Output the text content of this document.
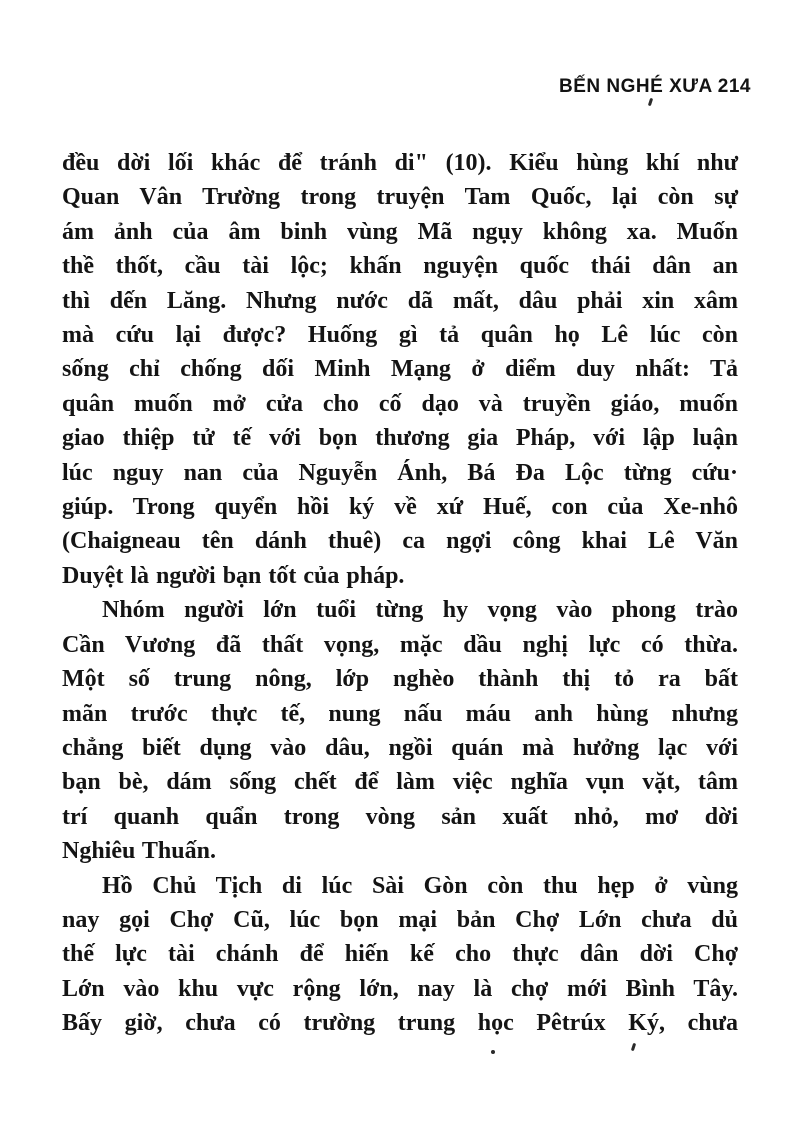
BẾN NGHÉ XƯA 214
đều dời lối khác để tránh di" (10). Kiểu hùng khí như
Quan Vân Trường trong truyện Tam Quốc, lại còn sự
ám ảnh của âm binh vùng Mã ngụy không xa. Muốn
thề thốt, cầu tài lộc; khấn nguyện quốc thái dân an
thì dến Lăng. Nhưng nước dã mất, dâu phải xin xâm
mà cứu lại được? Huống gì tả quân họ Lê lúc còn
sống chỉ chống dối Minh Mạng ở diểm duy nhất: Tả
quân muốn mở cửa cho cố dạo và truyền giáo, muốn
giao thiệp tử tế với bọn thương gia Pháp, với lập luận
lúc nguy nan của Nguyễn Ánh, Bá Đa Lộc từng cứu·
giúp. Trong quyển hồi ký về xứ Huế, con của Xe-nhô
(Chaigneau tên dánh thuê) ca ngợi công khai Lê Văn
Duyệt là người bạn tốt của pháp.
Nhóm người lớn tuổi từng hy vọng vào phong trào
Cần Vương đã thất vọng, mặc dầu nghị lực có thừa.
Một số trung nông, lớp nghèo thành thị tỏ ra bất
mãn trước thực tế, nung nấu máu anh hùng nhưng
chẳng biết dụng vào dâu, ngồi quán mà hưởng lạc với
bạn bè, dám sống chết để làm việc nghĩa vụn vặt, tâm
trí quanh quẩn trong vòng sản xuất nhỏ, mơ dời
Nghiêu Thuấn.
Hồ Chủ Tịch di lúc Sài Gòn còn thu hẹp ở vùng
nay gọi Chợ Cũ, lúc bọn mại bản Chợ Lớn chưa dủ
thế lực tài chánh để hiến kế cho thực dân dời Chợ
Lớn vào khu vực rộng lớn, nay là chợ mới Bình Tây.
Bấy giờ, chưa có trường trung học Pêtrúx Ký, chưa
